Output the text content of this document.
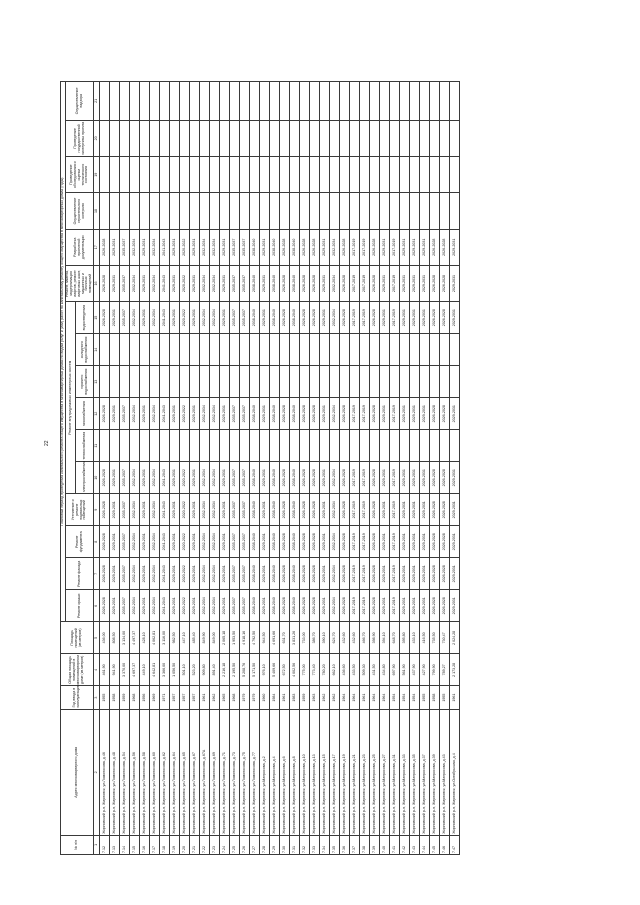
22
№ п/п	Адрес многоквартирного дома	Год ввода в эксплуатацию	Общая площадь помещений в многоквартирном доме (кв.метров)	Площадь помещений (кв.метров)	Плановый период проведения капитального ремонта общего имущества в многоквартирных домах по видам услуг и (или) работ по капитальному ремонту общего имущества в многоквартирных домах (годы)															
					Ремонт крыши	Ремонт фасада	Ремонт фундамента	Утепление и ремонт подвальных помещений	Ремонт внутридомовых инженерных систем						Ремонт, замена, модернизация лифтов, ремонт лифтовых шахт, машинных и блочных помещений	Разработка проектной документации	Осуществление строительного контроля	Проведение обследования и оценки технического состояния	Проведение государственной экспертизы проекта	Осуществление надзора
									электроснабжения	теплоснабжения	газоснабжения	горячего водоснабжения	холодного водоснабжения	водоотведения						
1	2	3	4	5	6	7	8	9	10	11	12	13	14	15	16	17	18	19	20	21
7.12	Жирновский р-н, Жирновск, ул.Ломоносова, д.46	1955	461,90	436,00	2026-2028	2026-2028	2026-2028	2026-2028	2026-2028		2026-2028			2026-2028	2026-2028	2026-2028				
7.13	Жирновский р-н, Жирновск, ул.Ломоносова, д.48	1958	941,90	808,50	2029-2031	2029-2031	2029-2031	2029-2031	2029-2031		2029-2031			2029-2031	2029-2031	2029-2031				
7.14	Жирновский р-н, Жирновск, ул.Ломоносова, д.54	1959	3 370,00	3 134,00	2035-2037	2035-2037	2035-2037	2035-2037	2035-2037		2035-2037			2035-2037	2035-2037	2035-2037				
7.15	Жирновский р-н, Жирновск, ул.Ломоносова, д.56	1968	4 697,37	4 497,37	2032-2034	2032-2034	2032-2034	2032-2034	2032-2034		2032-2034			2032-2034	2032-2034	2032-2034				
7.16	Жирновский р-н, Жирновск, ул.Ломоносова, д.58	1956	449,10	428,10	2029-2031	2029-2031	2029-2031	2029-2031	2029-2031		2029-2031			2029-2031	2029-2031	2029-2031				
7.17	Жирновский р-н, Жирновск, ул.Ломоносова, д.60	1969	4 642,81	4 062,81	2032-2034	2032-2034	2032-2034	2032-2034	2032-2034		2032-2034			2032-2034	2032-2034	2032-2034				
7.18	Жирновский р-н, Жирновск, ул.Ломоносова, д.62	1971	3 366,00	3 116,00	2041-2043	2041-2043	2041-2043	2041-2043	2041-2043		2041-2043			2041-2043	2041-2043	2041-2043				
7.19	Жирновский р-н, Жирновск, ул.Ломоносова, д.64	1957	1 056,50	982,50	2029-2031	2029-2031	2029-2031	2029-2031	2029-2031		2029-2031			2029-2031	2029-2031	2029-2031				
7.20	Жирновский р-н, Жирновск, ул.Ломоносова, д.65	1957	501,10	447,10	2020-2022	2020-2022	2020-2022	2020-2022	2020-2022		2020-2022			2020-2022	2020-2022	2020-2022				
7.21	Жирновский р-н, Жирновск, ул.Ломоносова, д.67	1957	523,20	485,40	2029-2031	2029-2031	2029-2031	2029-2031	2029-2031		2029-2031			2029-2031	2029-2031	2029-2031				
7.22	Жирновский р-н, Жирновск, ул.Ломоносова, д.67А	1961	909,80	849,90	2032-2034	2032-2034	2032-2034	2032-2034	2032-2034		2032-2034			2032-2034	2032-2034	2032-2034				
7.23	Жирновский р-н, Жирновск, ул.Ломоносова, д.69	1962	891,40	849,00	2032-2034	2032-2034	2032-2034	2032-2034	2032-2034		2032-2034			2032-2034	2032-2034	2032-2034				
7.24	Жирновский р-н, Жирновск, ул.Ломоносова, д.71	1965	2 216,18	2 065,18	2029-2031	2029-2031	2029-2031	2029-2031	2029-2031		2029-2031			2029-2031	2029-2031	2029-2031				
7.25	Жирновский р-н, Жирновск, ул.Ломоносова, д.73	1968	2 195,50	1 953,50	2035-2037	2035-2037	2035-2037	2035-2037	2035-2037		2035-2037			2035-2037	2035-2037	2035-2037				
7.26	Жирновский р-н, Жирновск, ул.Ломоносова, д.75	1979	5 208,76	4 918,16	2035-2037	2035-2037	2035-2037	2035-2037	2035-2037		2035-2037			2035-2037	2035-2037	2035-2037				
7.27	Жирновский р-н, Жирновск, ул.Ломоносова, д.77	1979	5 171,50	4 792,50	2038-2040	2038-2040	2038-2040	2038-2040	2038-2040		2038-2040			2038-2040	2038-2040	2038-2040				
7.28	Жирновский р-н, Жирновск, ул.Матросова, д.2	1960	976,10	944,50	2029-2031	2029-2031	2029-2031	2029-2031	2029-2031		2029-2031			2029-2031	2029-2031	2029-2031				
7.29	Жирновский р-н, Жирновск, ул.Матросова, д.4	1984	5 409,66	4 691,66	2038-2040	2038-2040	2038-2040	2038-2040	2038-2040		2038-2040			2038-2040	2038-2040	2038-2040				
7.30	Жирновский р-н, Жирновск, ул.Матросова, д.6	1961	672,50	631,70	2026-2028	2026-2028	2026-2028	2026-2028	2026-2028		2026-2028			2026-2028	2026-2028	2026-2028				
7.31	Жирновский р-н, Жирновск, ул.Матросова, д.8	1983	4 002,56	3 831,26	2038-2040	2038-2040	2038-2040	2038-2040	2038-2040		2038-2040			2038-2040	2038-2040	2038-2040				
7.32	Жирновский р-н, Жирновск, ул.Матросова, д.10	1959	775,00	733,00	2026-2028	2026-2028	2026-2028	2026-2028	2026-2028		2026-2028			2026-2028	2026-2028	2026-2028				
7.33	Жирновский р-н, Жирновск, ул.Матросова, д.13	1963	773,40	386,70	2026-2028	2026-2028	2026-2028	2026-2028	2026-2028		2026-2028			2026-2028	2026-2028	2026-2028				
7.34	Жирновский р-н, Жирновск, ул.Матросова, д.15	1962	780,20	390,10	2029-2031	2029-2031	2029-2031	2029-2031	2029-2031		2029-2031			2029-2031	2029-2031	2029-2031				
7.35	Жирновский р-н, Жирновск, ул.Матросова, д.17	1962	662,10	624,70	2032-2034	2032-2034	2032-2034	2032-2034	2032-2034		2032-2034			2032-2034	2032-2034	2032-2034				
7.36	Жирновский р-н, Жирновск, ул.Матросова, д.19	1964	436,60	432,60	2026-2028	2026-2028	2026-2028	2026-2028	2026-2028		2026-2028			2026-2028	2026-2028	2026-2028				
7.37	Жирновский р-н, Жирновск, ул.Матросова, д.21	1964	433,50	432,60	2017-2019	2017-2019	2017-2019	2017-2019	2017-2019		2017-2019			2017-2019	2017-2019	2017-2019				
7.38	Жирновский р-н, Жирновск, ул.Матросова, д.23	1961	509,30	466,70	2017-2019	2017-2019	2017-2019	2017-2019	2017-2019		2017-2019			2017-2019	2017-2019	2017-2019				
7.39	Жирновский р-н, Жирновск, ул.Матросова, д.25	1964	431,50	398,90	2026-2028	2026-2028	2026-2028	2026-2028	2026-2028		2026-2028			2026-2028	2026-2028	2026-2028				
7.40	Жирновский р-н, Жирновск, ул.Матросова, д.27	1964	434,80	394,10	2029-2031	2029-2031	2029-2031	2029-2031	2029-2031		2029-2031			2029-2031	2029-2031	2029-2031				
7.41	Жирновский р-н, Жирновск, ул.Матросова, д.31	1954	697,90	648,70	2017-2019	2017-2019	2017-2019	2017-2019	2017-2019		2017-2019			2017-2019	2017-2019	2017-2019				
7.42	Жирновский р-н, Жирновск, ул.Матросова, д.33	1954	561,90	395,80	2029-2031	2029-2031	2029-2031	2029-2031	2029-2031		2029-2031			2029-2031	2029-2031	2029-2031				
7.43	Жирновский р-н, Жирновск, ул.Матросова, д.35	1954	437,90	433,10	2029-2031	2029-2031	2029-2031	2029-2031	2029-2031		2029-2031			2029-2031	2029-2031	2029-2031				
7.44	Жирновский р-н, Жирновск, ул.Матросова, д.37	1955	427,90	416,50	2029-2031	2029-2031	2029-2031	2029-2031	2029-2031		2029-2031			2029-2031	2029-2031	2029-2031				
7.45	Жирновский р-н, Жирновск, ул.Матросова, д.39	1958	799,90	735,50	2026-2028	2026-2028	2026-2028	2026-2028	2026-2028		2026-2028			2026-2028	2026-2028	2026-2028				
7.46	Жирновский р-н, Жирновск, ул.Матросова, д.43	1955	789,27	730,47	2026-2028	2026-2028	2026-2028	2026-2028	2026-2028		2026-2028			2026-2028	2026-2028	2026-2028				
7.47	Жирновский р-н, Жирновск, ул.Октябрьская, д.4	1961	2 173,28	2 024,28	2029-2031	2029-2031	2029-2031	2029-2031	2029-2031		2029-2031			2029-2031	2029-2031	2029-2031				
